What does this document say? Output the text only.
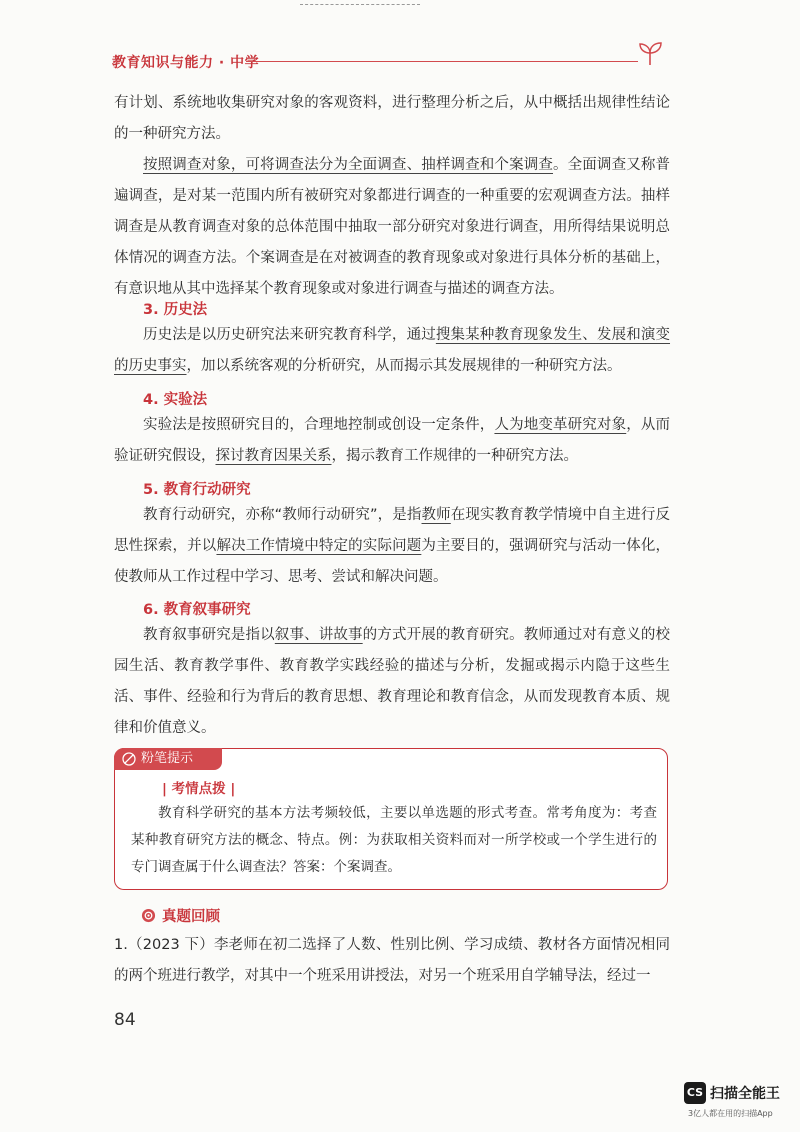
教育知识与能力 · 中学

有计划、系统地收集研究对象的客观资料，进行整理分析之后，从中概括出规律性结论的一种研究方法。

按照调查对象，可将调查法分为全面调查、抽样调查和个案调查。全面调查又称普遍调查，是对某一范围内所有被研究对象都进行调查的一种重要的宏观调查方法。抽样调查是从教育调查对象的总体范围中抽取一部分研究对象进行调查，用所得结果说明总体情况的调查方法。个案调查是在对被调查的教育现象或对象进行具体分析的基础上，有意识地从其中选择某个教育现象或对象进行调查与描述的调查方法。

3. 历史法

历史法是以历史研究法来研究教育科学，通过搜集某种教育现象发生、发展和演变的历史事实，加以系统客观的分析研究，从而揭示其发展规律的一种研究方法。

4. 实验法

实验法是按照研究目的，合理地控制或创设一定条件，人为地变革研究对象，从而验证研究假设，探讨教育因果关系，揭示教育工作规律的一种研究方法。

5. 教育行动研究

教育行动研究，亦称“教师行动研究”，是指教师在现实教育教学情境中自主进行反思性探索，并以解决工作情境中特定的实际问题为主要目的，强调研究与活动一体化，使教师从工作过程中学习、思考、尝试和解决问题。

6. 教育叙事研究

教育叙事研究是指以叙事、讲故事的方式开展的教育研究。教师通过对有意义的校园生活、教育教学事件、教育教学实践经验的描述与分析，发掘或揭示内隐于这些生活、事件、经验和行为背后的教育思想、教育理论和教育信念，从而发现教育本质、规律和价值意义。

粉笔提示
| 考情点拨 |

教育科学研究的基本方法考频较低，主要以单选题的形式考查。常考角度为：考查某种教育研究方法的概念、特点。例：为获取相关资料而对一所学校或一个学生进行的专门调查属于什么调查法？答案：个案调查。

真题回顾

1.（2023 下）李老师在初二选择了人数、性别比例、学习成绩、教材各方面情况相同的两个班进行教学，对其中一个班采用讲授法，对另一个班采用自学辅导法，经过一

84
CS 扫描全能王
3亿人都在用的扫描App
